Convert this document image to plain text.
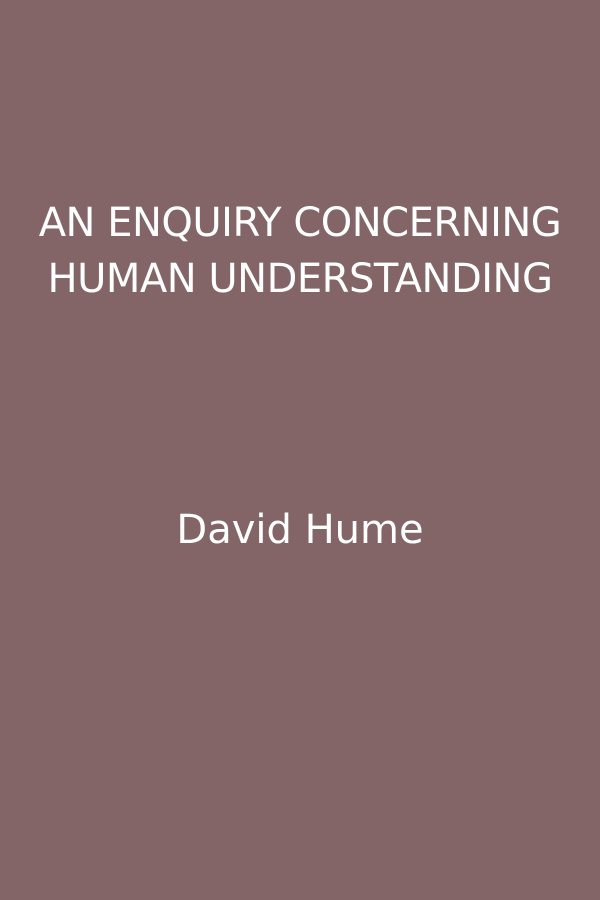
AN ENQUIRY CONCERNING
HUMAN UNDERSTANDING

David Hume
